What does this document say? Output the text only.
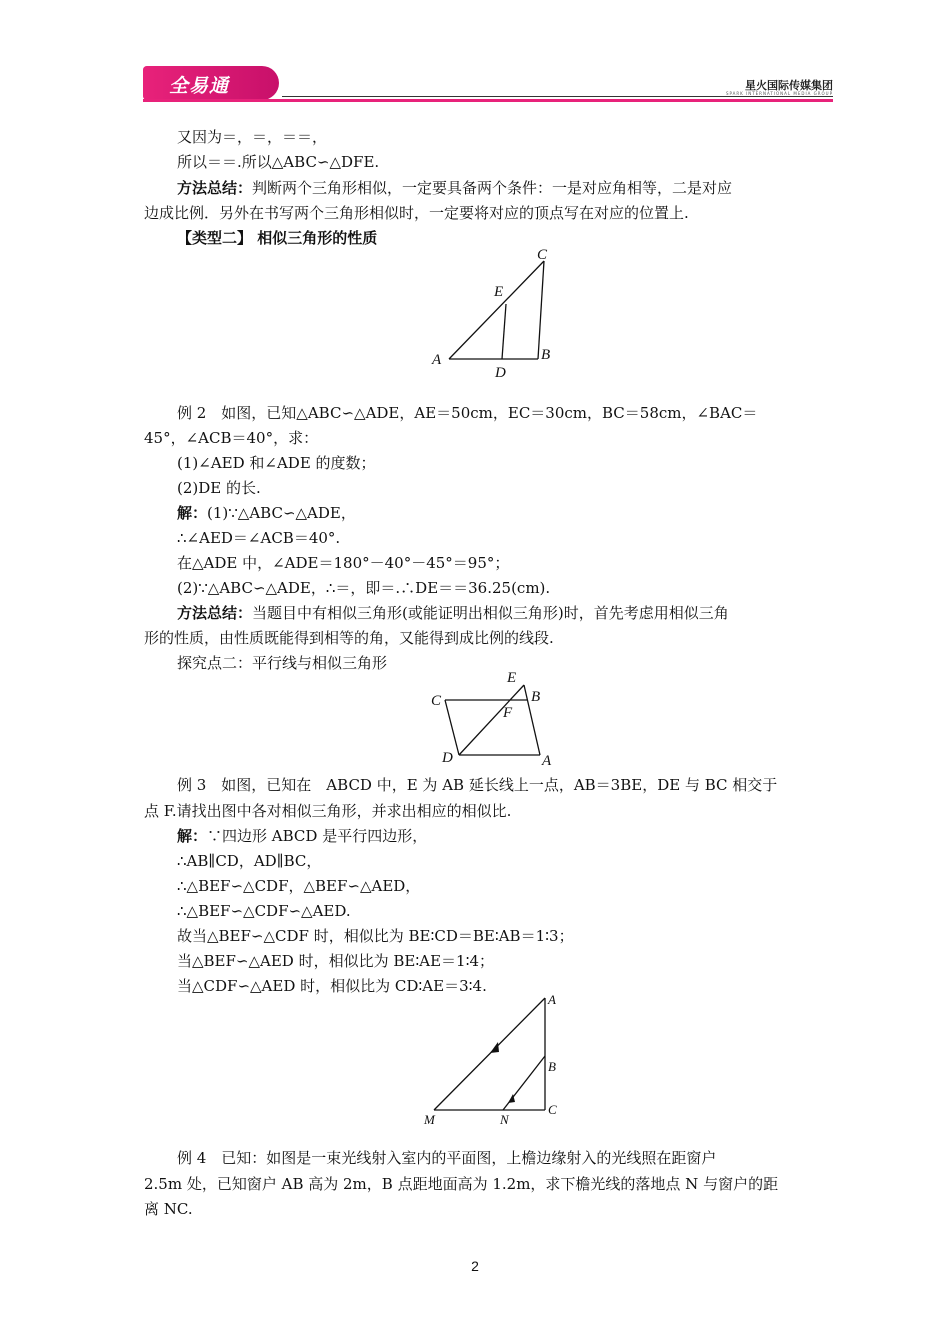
全易通	星火国际传媒集团
SPARK INTERNATIONAL MEDIA GROUP
又因为＝，＝，＝＝，
所以＝＝.所以△ABC∽△DFE.
方法总结：判断两个三角形相似，一定要具备两个条件：一是对应角相等，二是对应
边成比例．另外在书写两个三角形相似时，一定要将对应的顶点写在对应的位置上.
【类型二】 相似三角形的性质
A	B
C
D
E
例 2　如图，已知△ABC∽△ADE，AE＝50cm，EC＝30cm，BC＝58cm，∠BAC＝
45°，∠ACB＝40°，求：
(1)∠AED 和∠ADE 的度数；
(2)DE 的长.
解：(1)∵△ABC∽△ADE，
∴∠AED＝∠ACB＝40°.
在△ADE 中，∠ADE＝180°－40°－45°＝95°；
(2)∵△ABC∽△ADE，∴＝，即＝.∴DE＝＝36.25(cm).
方法总结：当题目中有相似三角形(或能证明出相似三角形)时，首先考虑用相似三角
形的性质，由性质既能得到相等的角，又能得到成比例的线段.
探究点二：平行线与相似三角形
C	B
E
F
D	A
例 3　如图，已知在　ABCD 中，E 为 AB 延长线上一点，AB＝3BE，DE 与 BC 相交于
点 F.请找出图中各对相似三角形，并求出相应的相似比.
解：∵四边形 ABCD 是平行四边形，
∴AB∥CD，AD∥BC，
∴△BEF∽△CDF，△BEF∽△AED，
∴△BEF∽△CDF∽△AED.
故当△BEF∽△CDF 时，相似比为 BE∶CD＝BE∶AB＝1∶3；
当△BEF∽△AED 时，相似比为 BE∶AE＝1∶4；
当△CDF∽△AED 时，相似比为 CD∶AE＝3∶4.
A
B
C
M	N
例 4　已知：如图是一束光线射入室内的平面图，上檐边缘射入的光线照在距窗户
2.5m 处，已知窗户 AB 高为 2m，B 点距地面高为 1.2m，求下檐光线的落地点 N 与窗户的距
离 NC.
2
